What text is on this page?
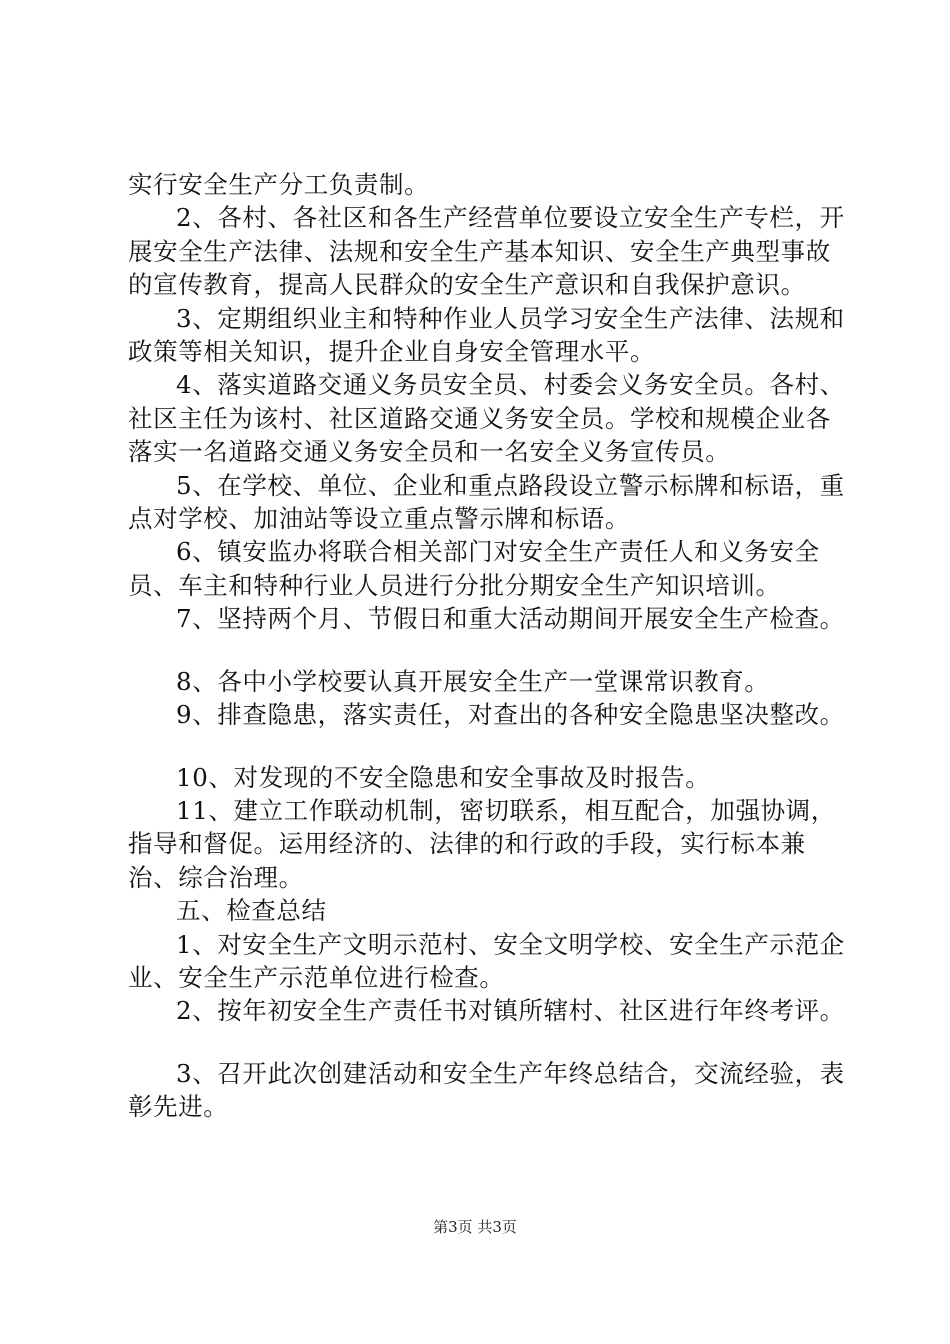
实行安全生产分工负责制。

2、各村、各社区和各生产经营单位要设立安全生产专栏，开展安全生产法律、法规和安全生产基本知识、安全生产典型事故的宣传教育，提高人民群众的安全生产意识和自我保护意识。

3、定期组织业主和特种作业人员学习安全生产法律、法规和政策等相关知识，提升企业自身安全管理水平。

4、落实道路交通义务员安全员、村委会义务安全员。各村、社区主任为该村、社区道路交通义务安全员。学校和规模企业各落实一名道路交通义务安全员和一名安全义务宣传员。

5、在学校、单位、企业和重点路段设立警示标牌和标语，重点对学校、加油站等设立重点警示牌和标语。

6、镇安监办将联合相关部门对安全生产责任人和义务安全员、车主和特种行业人员进行分批分期安全生产知识培训。

7、坚持两个月、节假日和重大活动期间开展安全生产检查。

8、各中小学校要认真开展安全生产一堂课常识教育。

9、排查隐患，落实责任，对查出的各种安全隐患坚决整改。

10、对发现的不安全隐患和安全事故及时报告。

11、建立工作联动机制，密切联系，相互配合，加强协调，指导和督促。运用经济的、法律的和行政的手段，实行标本兼治、综合治理。

五、检查总结

1、对安全生产文明示范村、安全文明学校、安全生产示范企业、安全生产示范单位进行检查。

2、按年初安全生产责任书对镇所辖村、社区进行年终考评。

3、召开此次创建活动和安全生产年终总结合，交流经验，表彰先进。

第3页 共3页
